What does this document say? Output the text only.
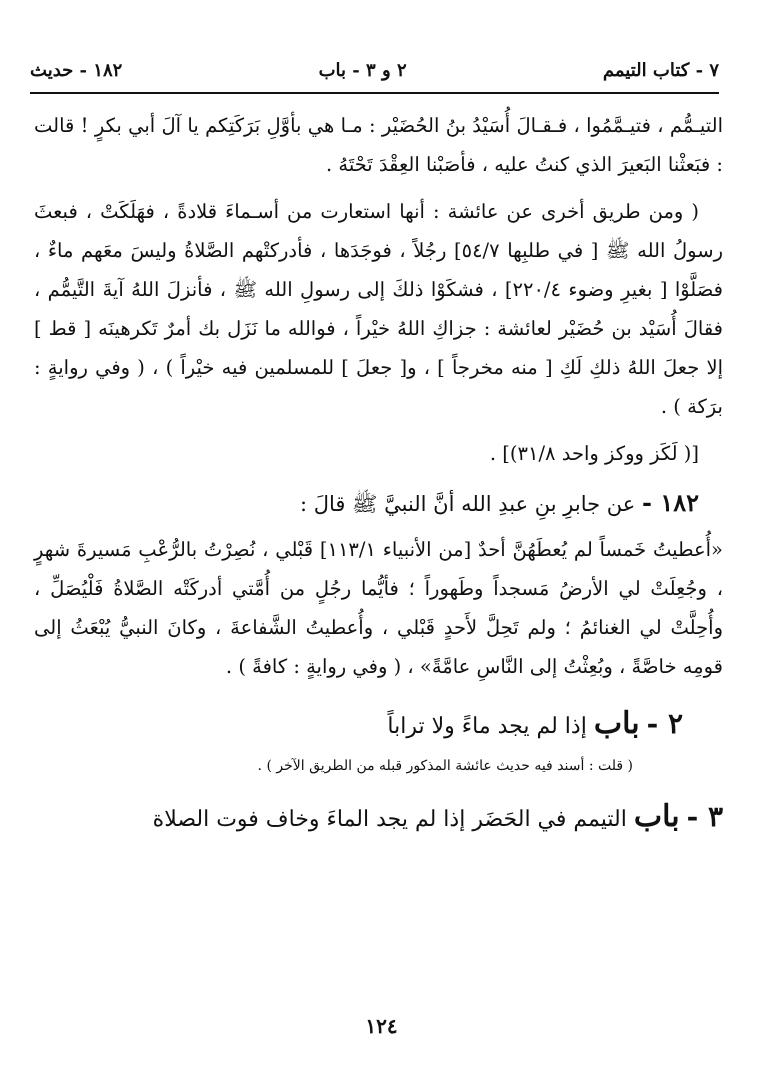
٧ - كتاب التيمم
٢ و ٣ - باب
١٨٢ - حديث

التيـمُّم ، فتيـمَّمُوا ، فـقـالَ أُسَيْدُ بنُ الحُضَيْر : مـا هي بأوَّلِ بَرَكَتِكم يا آلَ أبي بكرٍ ! قالت : فبَعثْنا البَعيرَ الذي كنتُ عليه ، فأصَبْنا العِقْدَ تَحْتَهُ .

( ومن طريق أخرى عن عائشة : أنها استعارت من أسـماءَ قلادةً ، فهَلَكَتْ ، فبعثَ رسولُ الله ﷺ [ في طلبِها ٥٤/٧] رجُلاً ، فوجَدَها ، فأدركتْهم الصَّلاةُ وليسَ معَهم ماءٌ ، فصَلَّوْا [ بغيرِ وضوء ٢٢٠/٤] ، فشكَوْا ذلكَ إلى رسولِ الله ﷺ ، فأنزلَ اللهُ آيةَ التَّيمُّم ، فقالَ أُسَيْد بن حُضَيْر لعائشة : جزاكِ اللهُ خيْراً ، فوالله ما نَزَل بك أمرٌ تَكرهينَه [ قط ] إلا جعلَ اللهُ ذلكِ لَكِ [ منه مخرجاً ] ، و[ جعلَ ] للمسلمين فيه خيْراً ) ، ( وفي روايةٍ : برَكة ) .

[( لَكَز ووكز واحد ٣١/٨)] .

١٨٢ - عن جابرِ بنِ عبدِ الله أنَّ النبيَّ ﷺ قالَ :

«أُعطيتُ خَمساً لم يُعطَهُنَّ أحدٌ [من الأنبياء ١١٣/١] قَبْلي ، نُصِرْتُ بالرُّعْبِ مَسيرةَ شهرٍ ، وجُعِلَتْ لي الأرضُ مَسجداً وطَهوراً ؛ فأيُّما رجُلٍ من أُمَّتي أدركَتْه الصَّلاةُ فَلْيُصَلِّ ، وأُحِلَّتْ لي الغنائمُ ؛ ولم تَحِلَّ لأَحدٍ قَبْلي ، وأُعطيتُ الشَّفاعةَ ، وكانَ النبيُّ يُبْعَثُ إلى قومِه خاصَّةً ، وبُعِثْتُ إلى النَّاسِ عامَّةً» ، ( وفي روايةٍ : كافةً ) .

٢ - باب إذا لم يجد ماءً ولا تراباً
( قلت : أسند فيه حديث عائشة المذكور قبله من الطريق الآخر ) .
٣ - باب التيمم في الحَضَر إذا لم يجد الماءَ وخاف فوت الصلاة
١٢٤
